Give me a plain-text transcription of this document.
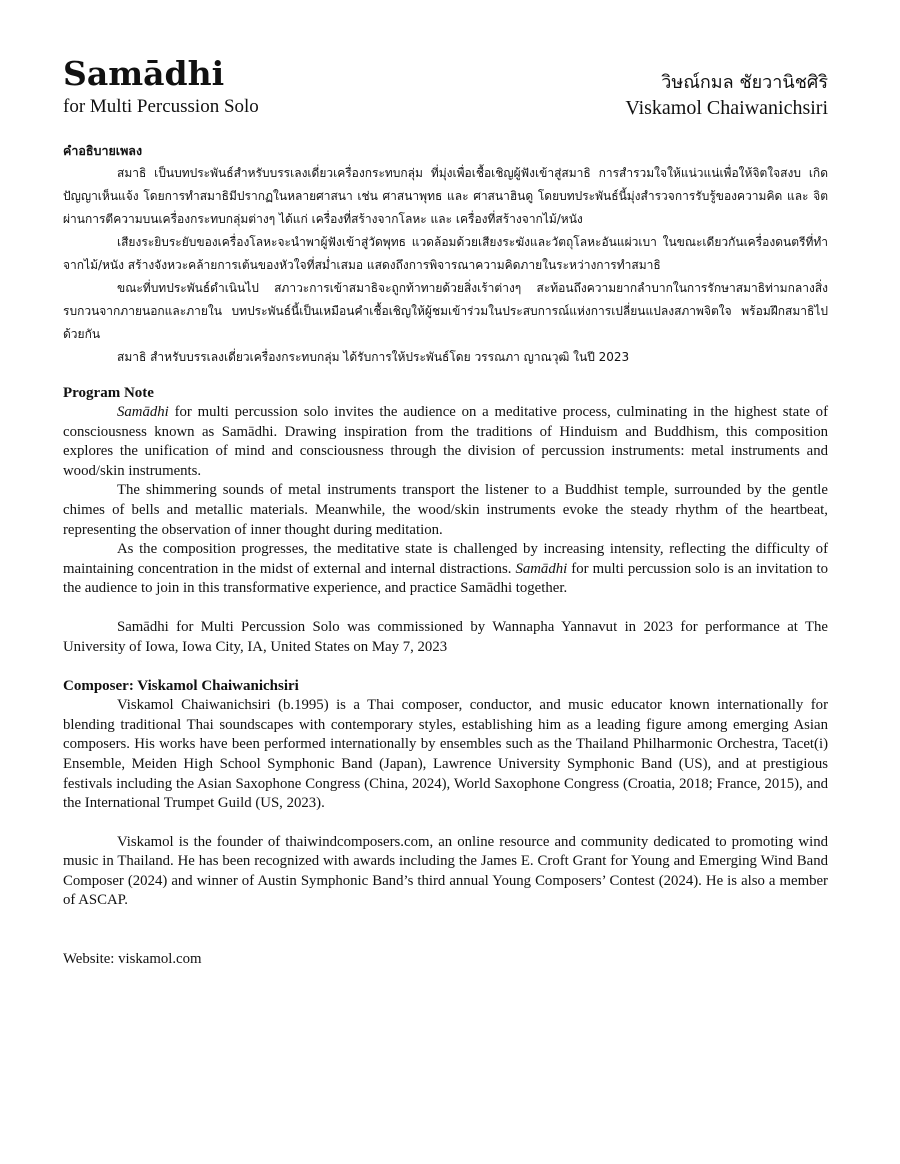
Samādhi

for Multi Percussion Solo

วิษณ์กมล ชัยวานิชศิริ

Viskamol Chaiwanichsiri

คำอธิบายเพลง

สมาธิ เป็นบทประพันธ์สำหรับบรรเลงเดี่ยวเครื่องกระทบกลุ่ม ที่มุ่งเพื่อเชื้อเชิญผู้ฟังเข้าสู่สมาธิ การสำรวมใจให้แน่วแน่เพื่อให้จิตใจสงบ เกิดปัญญาเห็นแจ้ง โดยการทำสมาธิมีปรากฏในหลายศาสนา เช่น ศาสนาพุทธ และ ศาสนาฮินดู โดยบทประพันธ์นี้มุ่งสำรวจการรับรู้ของความคิด และ จิตผ่านการตีความบนเครื่องกระทบกลุ่มต่างๆ ได้แก่ เครื่องที่สร้างจากโลหะ และ เครื่องที่สร้างจากไม้/หนัง

เสียงระยิบระยับของเครื่องโลหะจะนำพาผู้ฟังเข้าสู่วัดพุทธ แวดล้อมด้วยเสียงระฆังและวัตถุโลหะอันแผ่วเบา ในขณะเดียวกันเครื่องดนตรีที่ทำจากไม้/หนัง สร้างจังหวะคล้ายการเต้นของหัวใจที่สม่ำเสมอ แสดงถึงการพิจารณาความคิดภายในระหว่างการทำสมาธิ

ขณะที่บทประพันธ์ดำเนินไป สภาวะการเข้าสมาธิจะถูกท้าทายด้วยสิ่งเร้าต่างๆ สะท้อนถึงความยากลำบากในการรักษาสมาธิท่ามกลางสิ่งรบกวนจากภายนอกและภายใน บทประพันธ์นี้เป็นเหมือนคำเชื้อเชิญให้ผู้ชมเข้าร่วมในประสบการณ์แห่งการเปลี่ยนแปลงสภาพจิตใจ พร้อมฝึกสมาธิไปด้วยกัน

สมาธิ สำหรับบรรเลงเดี่ยวเครื่องกระทบกลุ่ม ได้รับการให้ประพันธ์โดย วรรณภา ญาณวุฒิ ในปี 2023

Program Note

Samādhi for multi percussion solo invites the audience on a meditative process, culminating in the highest state of consciousness known as Samādhi. Drawing inspiration from the traditions of Hinduism and Buddhism, this composition explores the unification of mind and consciousness through the division of percussion instruments: metal instruments and wood/skin instruments.

The shimmering sounds of metal instruments transport the listener to a Buddhist temple, surrounded by the gentle chimes of bells and metallic materials. Meanwhile, the wood/skin instruments evoke the steady rhythm of the heartbeat, representing the observation of inner thought during meditation.

As the composition progresses, the meditative state is challenged by increasing intensity, reflecting the difficulty of maintaining concentration in the midst of external and internal distractions. Samādhi for multi percussion solo is an invitation to the audience to join in this transformative experience, and practice Samādhi together.

Samādhi for Multi Percussion Solo was commissioned by Wannapha Yannavut in 2023 for performance at The University of Iowa, Iowa City, IA, United States on May 7, 2023

Composer: Viskamol Chaiwanichsiri

Viskamol Chaiwanichsiri (b.1995) is a Thai composer, conductor, and music educator known internationally for blending traditional Thai soundscapes with contemporary styles, establishing him as a leading figure among emerging Asian composers. His works have been performed internationally by ensembles such as the Thailand Philharmonic Orchestra, Tacet(i) Ensemble, Meiden High School Symphonic Band (Japan), Lawrence University Symphonic Band (US), and at prestigious festivals including the Asian Saxophone Congress (China, 2024), World Saxophone Congress (Croatia, 2018; France, 2015), and the International Trumpet Guild (US, 2023).

Viskamol is the founder of thaiwindcomposers.com, an online resource and community dedicated to promoting wind music in Thailand. He has been recognized with awards including the James E. Croft Grant for Young and Emerging Wind Band Composer (2024) and winner of Austin Symphonic Band’s third annual Young Composers’ Contest (2024). He is also a member of ASCAP.

Website: viskamol.com
